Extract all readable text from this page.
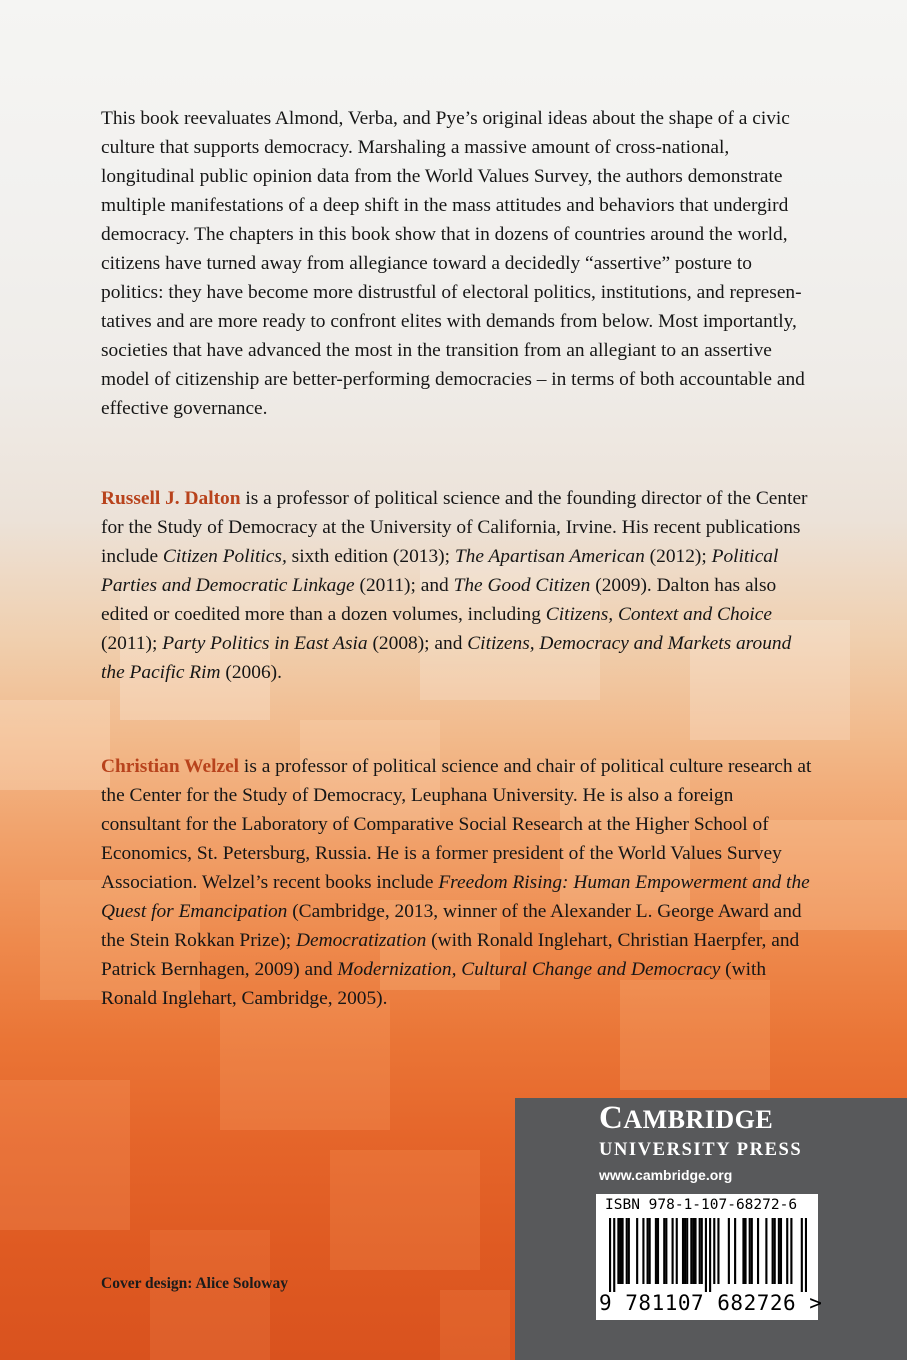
This book reevaluates Almond, Verba, and Pye’s original ideas about the shape of a civic culture that supports democracy. Marshaling a massive amount of cross-national, longitudinal public opinion data from the World Values Survey, the authors demonstrate multiple manifestations of a deep shift in the mass attitudes and behaviors that undergird democracy. The chapters in this book show that in dozens of countries around the world, citizens have turned away from allegiance toward a decidedly “assertive” posture to politics: they have become more distrustful of electoral politics, institutions, and represen-tatives and are more ready to confront elites with demands from below. Most importantly, societies that have advanced the most in the transition from an allegiant to an assertive model of citizenship are better-performing democracies – in terms of both accountable and effective governance.

Russell J. Dalton is a professor of political science and the founding director of the Center for the Study of Democracy at the University of California, Irvine. His recent publications include Citizen Politics, sixth edition (2013); The Apartisan American (2012); Political Parties and Democratic Linkage (2011); and The Good Citizen (2009). Dalton has also edited or coedited more than a dozen volumes, including Citizens, Context and Choice (2011); Party Politics in East Asia (2008); and Citizens, Democracy and Markets around the Pacific Rim (2006).

Christian Welzel is a professor of political science and chair of political culture research at the Center for the Study of Democracy, Leuphana University. He is also a foreign consultant for the Laboratory of Comparative Social Research at the Higher School of Economics, St. Petersburg, Russia. He is a former president of the World Values Survey Association. Welzel’s recent books include Freedom Rising: Human Empowerment and the Quest for Emancipation (Cambridge, 2013, winner of the Alexander L. George Award and the Stein Rokkan Prize); Democratization (with Ronald Inglehart, Christian Haerpfer, and Patrick Bernhagen, 2009) and Modernization, Cultural Change and Democracy (with Ronald Inglehart, Cambridge, 2005).

Cover design: Alice Soloway
CAMBRIDGE
UNIVERSITY PRESS
www.cambridge.org
ISBN 978-1-107-68272-6
9 781107 682726 >
